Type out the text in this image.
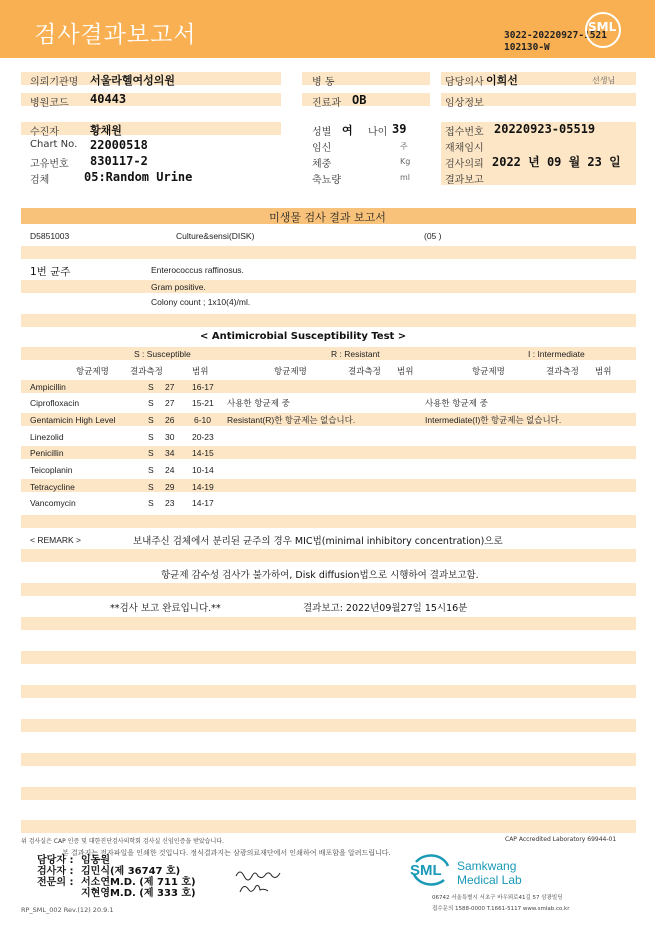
검사결과보고서	3022-20220927-1521
102130-W
SML
의뢰기관명 서울라헬여성의원	병 동	담당의사 이희선	선생님
병원코드 40443	진료과 OB	임상정보
수진자	황채원	성별 여 나이 39	접수번호 20220923-05519
Chart No. 22000518	임신	주	재채임시
고유번호 830117-2	체중	Kg	검사의뢰 2022 년 09 월 23 일
검체	05:Random Urine	축뇨량	ml	결과보고
미생물 검사 결과 보고서
D5851003	Culture&sensi(DISK)	(05 )
1번 균주	Enterococcus raffinosus.
Gram positive.
Colony count ; 1x10(4)/ml.
< Antimicrobial Susceptibility Test >
S : Susceptible	R : Resistant	I : Intermediate
항균제명 결과측정	범위	항균제명	결과측정 범위	항균제명	결과측정 범위
Ampicillin	S 27 16-17
Ciprofloxacin	S 27 15-21
Gentamicin High Level	S 26 6-10
Linezolid	S 30 20-23
Penicillin	S 34 14-15
Teicoplanin	S 24 10-14
Tetracycline	S 29 14-19
Vancomycin	S 23 14-17
사용한 항균제 중
Resistant(R)한 항균제는 없습니다.
사용한 항균제 중
Intermediate(I)한 항균제는 없습니다.
< REMARK >	보내주신 검체에서 분리된 균주의 경우 MIC법(minimal inhibitory concentration)으로
항균제 감수성 검사가 불가하여, Disk diffusion법으로 시행하여 결과보고함.
**검사 보고 완료입니다.**	결과보고: 2022년09월27일 15시16분
위 검사실은 CAP 인증 및 대한진단검사의학회 검사실 신임인증을 받았습니다.	CAP Accredited Laboratory 69944-01
본 결과지는 전자파일을 인쇄한 것입니다. 정식결과지는 삼광의료재단에서 인쇄하여 배포함을 알려드립니다.
담당자 : 임동원
검사자 : 김민식(제 36747 호)
전문의 : 서소연M.D. (제 711 호)
지현영M.D. (제 333 호)
SML Samkwang
Medical Lab
06742 서울특별시 서초구 바우뫼로41길 57 삼광빌딩
접수문의 1588-0000 T.1661-5117 www.smlab.co.kr
RP_SML_002 Rev.(12) 20.9.1
